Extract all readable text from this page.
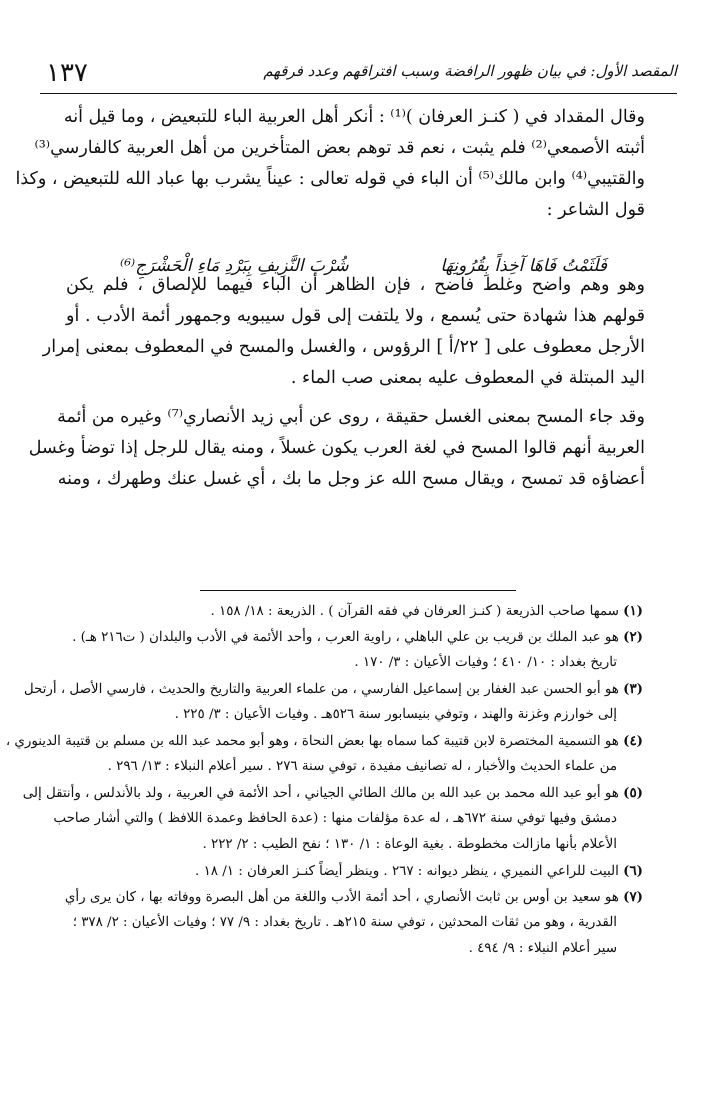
١٣٧	المقصد الأول: في بيان ظهور الرافضة وسبب افتراقهم وعدد فرقهم

وقال المقداد في ( كنـز العرفان )⁽¹⁾ : أنكر أهل العربية الباء للتبعيض ، وما قيل أنه
أثبته الأصمعي⁽²⁾ فلم يثبت ، نعم قد توهم بعض المتأخرين من أهل العربية كالفارسي⁽³⁾
والقتيبي⁽⁴⁾ وابن مالك⁽⁵⁾ أن الباء في قوله تعالى : عيناً يشرب بها عباد الله للتبعيض ، وكذا
قول الشاعر :

وهو وهم واضح وغلط فاضح ، فإن الظاهر أن الباء فيهما للإلصاق ، فلم يكن
قولهم هذا شهادة حتى يُسمع ، ولا يلتفت إلى قول سيبويه وجمهور أئمة الأدب . أو
الأرجل معطوف على [ ٢٢/أ ] الرؤوس ، والغسل والمسح في المعطوف بمعنى إمرار
اليد المبتلة في المعطوف عليه بمعنى صب الماء .

وقد جاء المسح بمعنى الغسل حقيقة ، روى عن أبي زيد الأنصاري⁽⁷⁾ وغيره من أئمة
العربية أنهم قالوا المسح في لغة العرب يكون غسلاً ، ومنه يقال للرجل إذا توضأ وغسل
أعضاؤه قد تمسح ، ويقال مسح الله عز وجل ما بك ، أي غسل عنك وطهرك ، ومنه

فَلَثَمْتُ فَاهَا آخِذاً بِقُرُونِهَا
شُرْبَ النَّزِيفِ بِبَرْدِ مَاءِ الْحَشْرَجِ⁽⁶⁾
(١) سمها صاحب الذريعة ( كنـز العرفان في فقه القرآن ) . الذريعة : ١٨/ ١٥٨ .
(٢) هو عبد الملك بن قريب بن علي الباهلي ، راوية العرب ، وأحد الأئمة في الأدب والبلدان ( ت٢١٦ هـ) .
تاريخ بغداد : ١٠/ ٤١٠ ؛ وفيات الأعيان : ٣/ ١٧٠ .
(٣) هو أبو الحسن عبد الغفار بن إسماعيل الفارسي ، من علماء العربية والتاريخ والحديث ، فارسي الأصل ، أرتحل
إلى خوارزم وغزنة والهند ، وتوفي بنيسابور سنة ٥٢٦هـ . وفيات الأعيان : ٣/ ٢٢٥ .
(٤) هو التسمية المختصرة لابن قتيبة كما سماه بها بعض النحاة ، وهو أبو محمد عبد الله بن مسلم بن قتيبة الدينوري ،
من علماء الحديث والأخبار ، له تصانيف مفيدة ، توفي سنة ٢٧٦ . سير أعلام النبلاء : ١٣/ ٢٩٦ .
(٥) هو أبو عبد الله محمد بن عبد الله بن مالك الطائي الجياني ، أحد الأئمة في العربية ، ولد بالأندلس ، وأنتقل إلى
دمشق وفيها توفي سنة ٦٧٢هـ ، له عدة مؤلفات منها : (عدة الحافظ وعمدة اللافظ ) والتي أشار صاحب
الأعلام بأنها مازالت مخطوطة . بغية الوعاة : ١/ ١٣٠ ؛ نفح الطيب : ٢/ ٢٢٢ .
(٦) البيت للراعي النميري ، ينظر ديوانه : ٢٦٧ . وينظر أيضاً كنـز العرفان : ١/ ١٨ .
(٧) هو سعيد بن أوس بن ثابت الأنصاري ، أحد أئمة الأدب واللغة من أهل البصرة ووفاته بها ، كان يرى رأي
القدرية ، وهو من ثقات المحدثين ، توفي سنة ٢١٥هـ . تاريخ بغداد : ٩/ ٧٧ ؛ وفيات الأعيان : ٢/ ٣٧٨ ؛
سير أعلام النبلاء : ٩/ ٤٩٤ .
